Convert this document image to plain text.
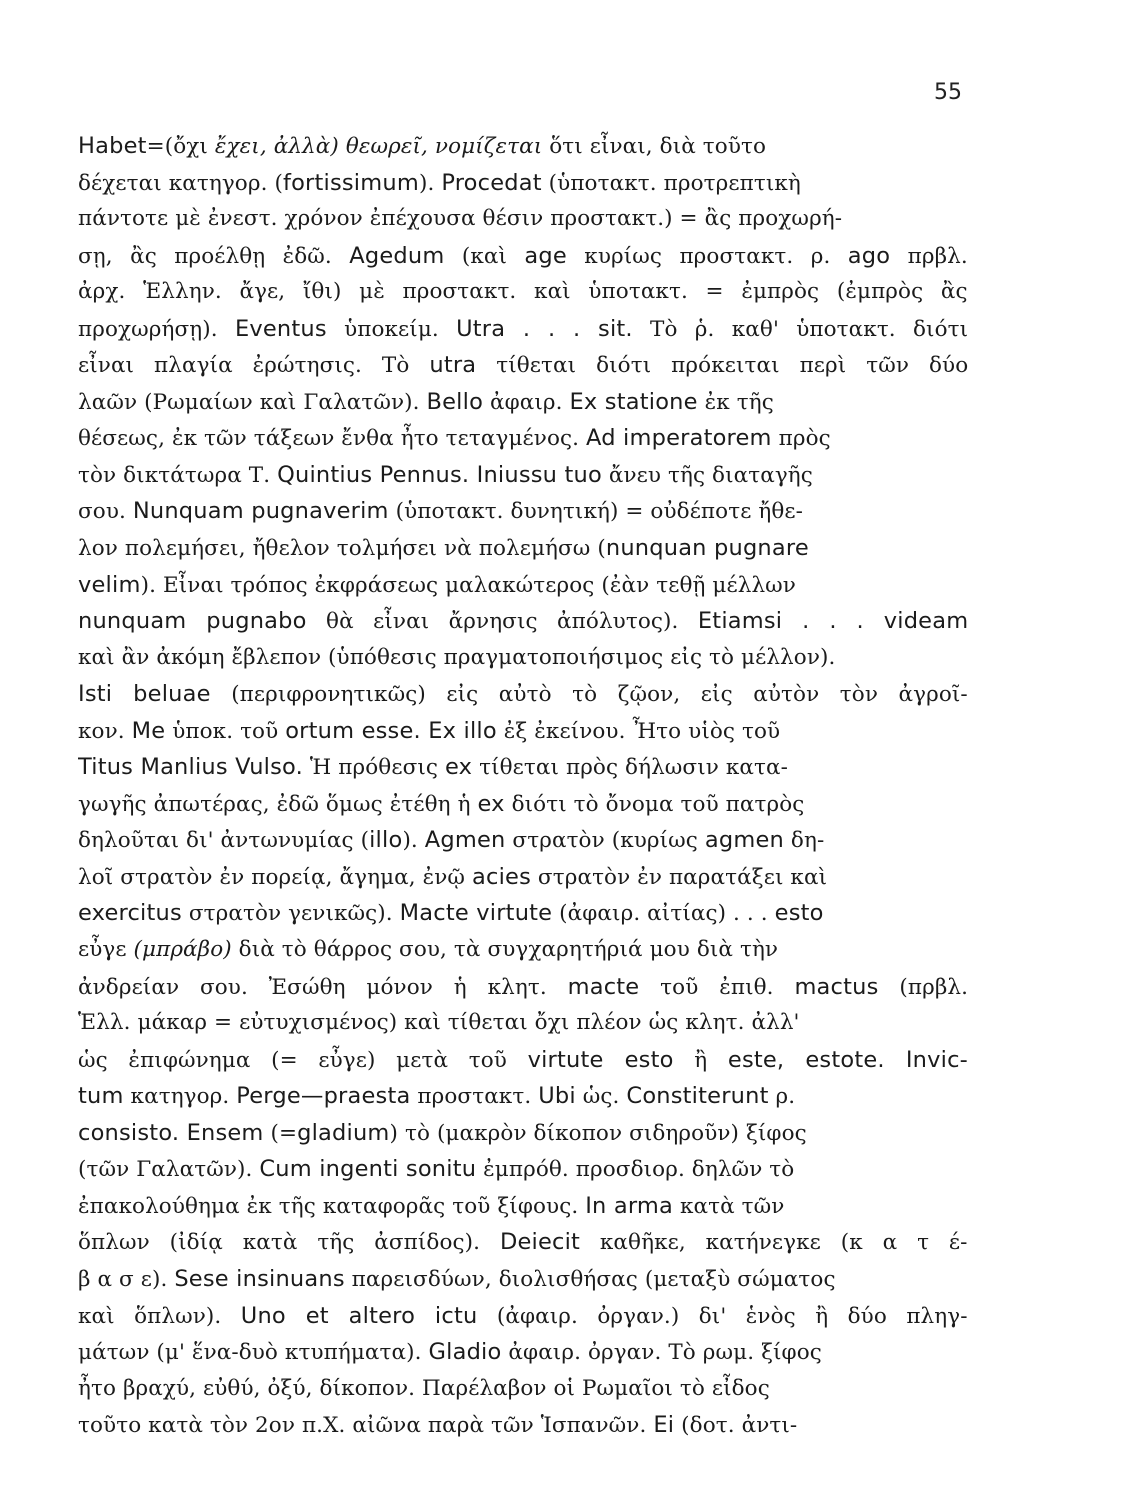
55
Habet=(ὄχι ἔχει, ἀλλὰ) θεωρεῖ, νομίζεται ὅτι εἶναι, διὰ τοῦτο
δέχεται κατηγορ. (fortissimum). Procedat (ὑποτακτ. προτρεπτικὴ
πάντοτε μὲ ἐνεστ. χρόνον ἐπέχουσα θέσιν προστακτ.) = ἂς προχωρή-
σῃ, ἂς προέλθῃ ἐδῶ. Agedum (καὶ age κυρίως προστακτ. ρ. ago πρβλ.
ἀρχ. Ἑλλην. ἄγε, ἴθι) μὲ προστακτ. καὶ ὑποτακτ. = ἐμπρὸς (ἐμπρὸς ἂς
προχωρήσῃ). Eventus ὑποκείμ. Utra . . . sit. Τὸ ῥ. καθ' ὑποτακτ. διότι
εἶναι πλαγία ἐρώτησις. Τὸ utra τίθεται διότι πρόκειται περὶ τῶν δύο
λαῶν (Ρωμαίων καὶ Γαλατῶν). Bello ἀφαιρ. Ex statione ἐκ τῆς
θέσεως, ἐκ τῶν τάξεων ἔνθα ἦτο τεταγμένος. Ad imperatorem πρὸς
τὸν δικτάτωρα Τ. Quintius Pennus. Iniussu tuo ἄνευ τῆς διαταγῆς
σου. Nunquam pugnaverim (ὑποτακτ. δυνητική) = οὐδέποτε ἤθε-
λον πολεμήσει, ἤθελον τολμήσει νὰ πολεμήσω (nunquan pugnare
velim). Εἶναι τρόπος ἐκφράσεως μαλακώτερος (ἐὰν τεθῇ μέλλων
nunquam pugnabo θὰ εἶναι ἄρνησις ἀπόλυτος). Etiamsi . . . videam
καὶ ἂν ἀκόμη ἔβλεπον (ὑπόθεσις πραγματοποιήσιμος εἰς τὸ μέλλον).
Isti beluae (περιφρονητικῶς) εἰς αὐτὸ τὸ ζῷον, εἰς αὐτὸν τὸν ἀγροῖ-
κον. Me ὑποκ. τοῦ ortum esse. Ex illo ἐξ ἐκείνου. Ἦτο υἱὸς τοῦ
Titus Manlius Vulso. Ἡ πρόθεσις ex τίθεται πρὸς δήλωσιν κατα-
γωγῆς ἀπωτέρας, ἐδῶ ὅμως ἐτέθη ἡ ex διότι τὸ ὄνομα τοῦ πατρὸς
δηλοῦται δι' ἀντωνυμίας (illo). Agmen στρατὸν (κυρίως agmen δη-
λοῖ στρατὸν ἐν πορείᾳ, ἄγημα, ἐνῷ acies στρατὸν ἐν παρατάξει καὶ
exercitus στρατὸν γενικῶς). Macte virtute (ἀφαιρ. αἰτίας) . . . esto
εὖγε (μπράβο) διὰ τὸ θάρρος σου, τὰ συγχαρητήριά μου διὰ τὴν
ἀνδρείαν σου. Ἐσώθη μόνον ἡ κλητ. macte τοῦ ἐπιθ. mactus (πρβλ.
Ἑλλ. μάκαρ = εὐτυχισμένος) καὶ τίθεται ὄχι πλέον ὡς κλητ. ἀλλ'
ὡς ἐπιφώνημα (= εὖγε) μετὰ τοῦ virtute esto ἢ este, estote. Invic-
tum κατηγορ. Perge—praesta προστακτ. Ubi ὡς. Constiterunt ρ.
consisto. Ensem (=gladium) τὸ (μακρὸν δίκοπον σιδηροῦν) ξίφος
(τῶν Γαλατῶν). Cum ingenti sonitu ἐμπρόθ. προσδιορ. δηλῶν τὸ
ἐπακολούθημα ἐκ τῆς καταφορᾶς τοῦ ξίφους. In arma κατὰ τῶν
ὅπλων (ἰδίᾳ κατὰ τῆς ἀσπίδος). Deiecit καθῆκε, κατήνεγκε (κ α τ έ-
β α σ ε). Sese insinuans παρεισδύων, διολισθήσας (μεταξὺ σώματος
καὶ ὅπλων). Uno et altero ictu (ἀφαιρ. ὀργαν.) δι' ἑνὸς ἢ δύο πληγ-
μάτων (μ' ἕνα-δυὸ κτυπήματα). Gladio ἀφαιρ. ὀργαν. Τὸ ρωμ. ξίφος
ἦτο βραχύ, εὐθύ, ὀξύ, δίκοπον. Παρέλαβον οἱ Ρωμαῖοι τὸ εἶδος
τοῦτο κατὰ τὸν 2ον π.Χ. αἰῶνα παρὰ τῶν Ἱσπανῶν. Ei (δοτ. ἀντι-
